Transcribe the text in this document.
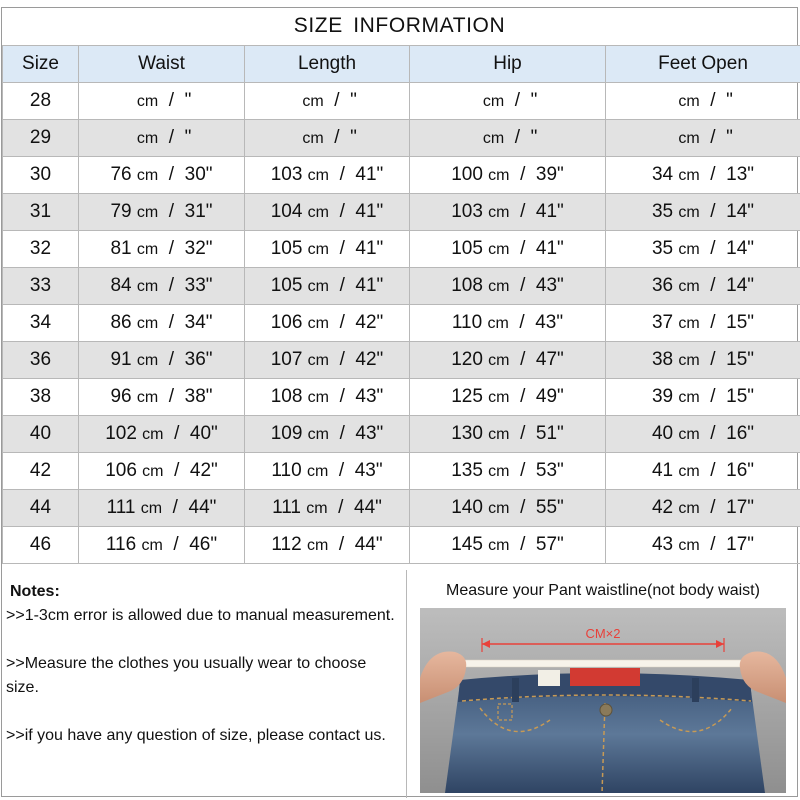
SIZE INFORMATION
Size	Waist	Length	Hip	Feet Open
28	cm / "	cm / "	cm / "	cm / "
29	cm / "	cm / "	cm / "	cm / "
30	76 cm / 30"	103 cm / 41"	100 cm / 39"	34 cm / 13"
31	79 cm / 31"	104 cm / 41"	103 cm / 41"	35 cm / 14"
32	81 cm / 32"	105 cm / 41"	105 cm / 41"	35 cm / 14"
33	84 cm / 33"	105 cm / 41"	108 cm / 43"	36 cm / 14"
34	86 cm / 34"	106 cm / 42"	110 cm / 43"	37 cm / 15"
36	91 cm / 36"	107 cm / 42"	120 cm / 47"	38 cm / 15"
38	96 cm / 38"	108 cm / 43"	125 cm / 49"	39 cm / 15"
40	102 cm / 40"	109 cm / 43"	130 cm / 51"	40 cm / 16"
42	106 cm / 42"	110 cm / 43"	135 cm / 53"	41 cm / 16"
44	111 cm / 44"	111 cm / 44"	140 cm / 55"	42 cm / 17"
46	116 cm / 46"	112 cm / 44"	145 cm / 57"	43 cm / 17"
Notes:

>>1-3cm error is allowed due to manual measurement.

>>Measure the clothes you usually wear to choose size.

>>if you have any question of size, please contact us.

Measure your Pant waistline(not body waist)
CM×2
